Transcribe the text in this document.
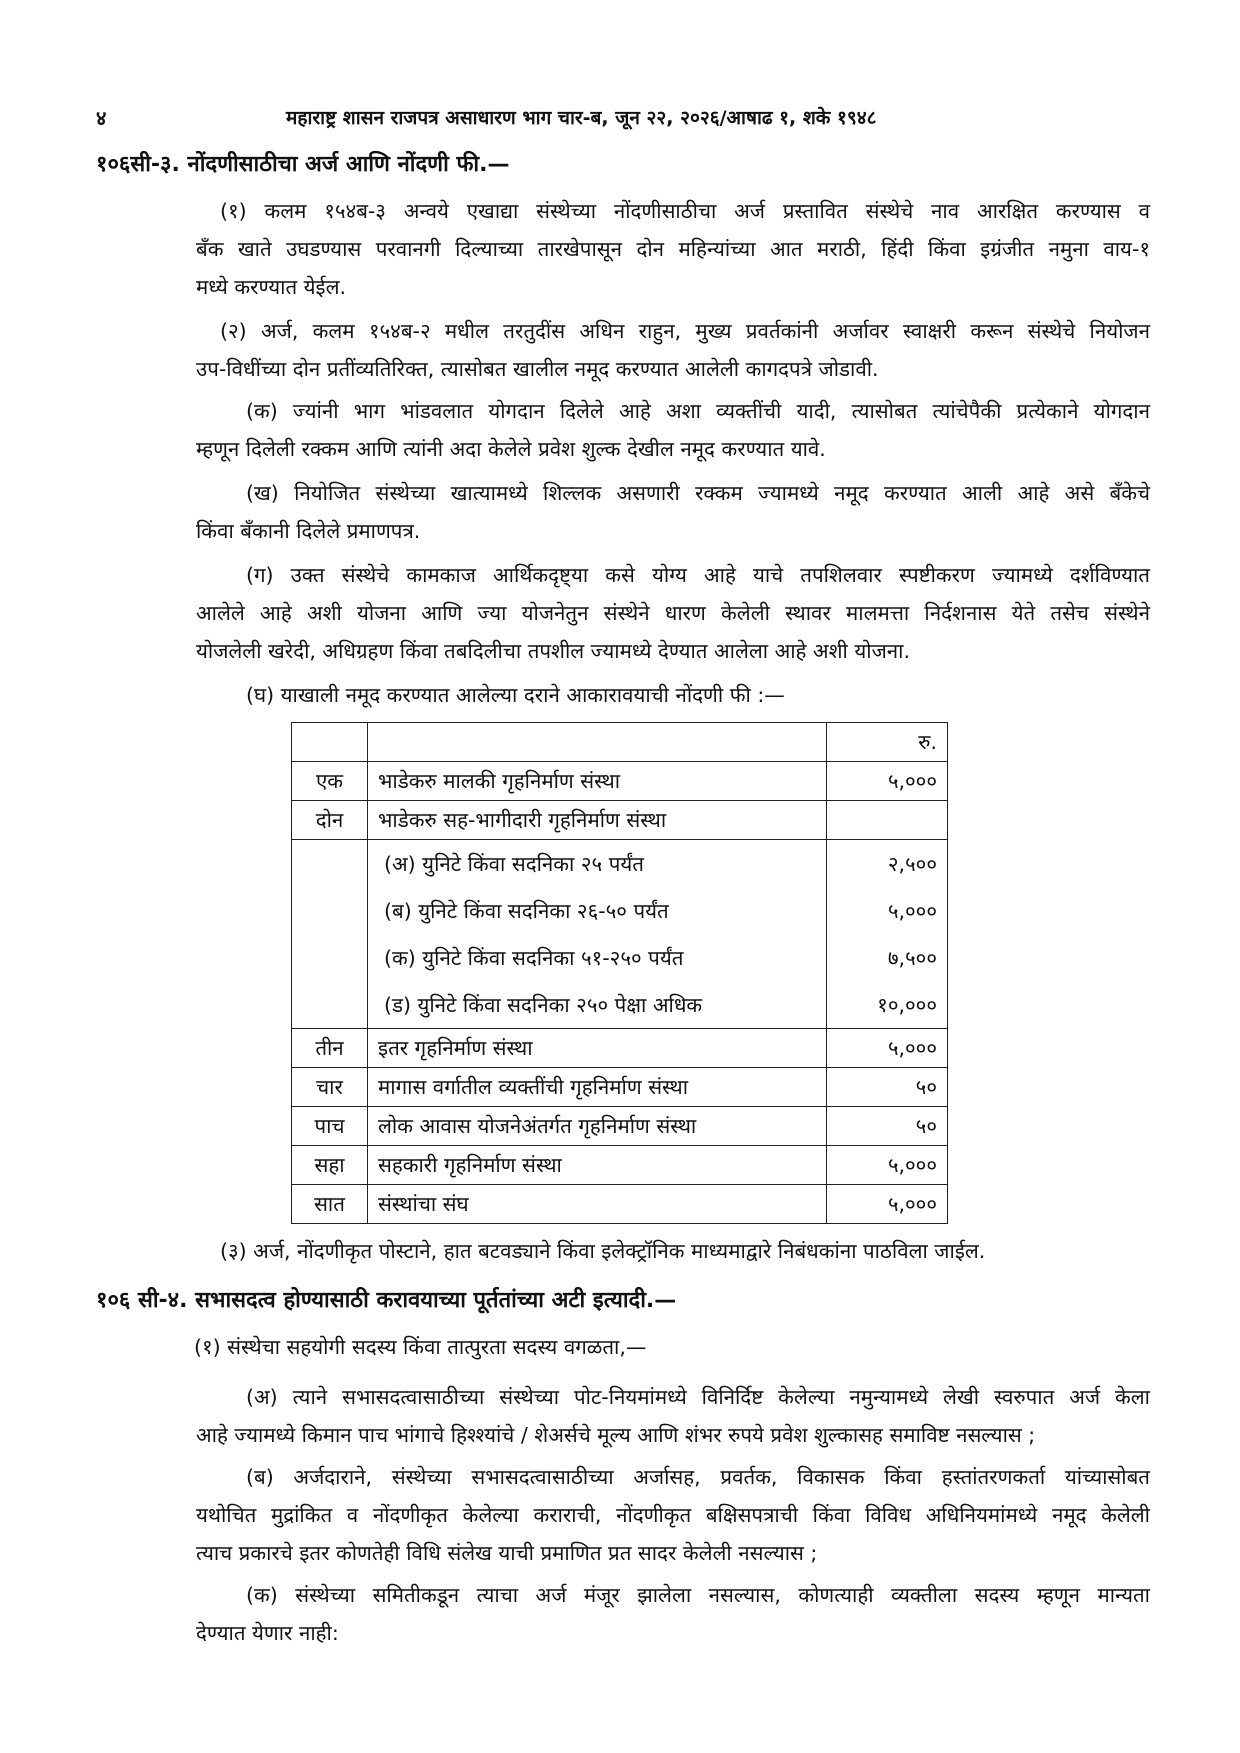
४	महाराष्ट्र शासन राजपत्र असाधारण भाग चार-ब, जून २२, २०२६/आषाढ १, शके १९४८
१०६सी-३. नोंदणीसाठीचा अर्ज आणि नोंदणी फी.—
(१) कलम १५४ब-३ अन्वये एखाद्या संस्थेच्या नोंदणीसाठीचा अर्ज प्रस्तावित संस्थेचे नाव आरक्षित करण्यास व
बँक खाते उघडण्यास परवानगी दिल्याच्या तारखेपासून दोन महिन्यांच्या आत मराठी, हिंदी किंवा इग्रंजीत नमुना वाय-१
मध्ये करण्यात येईल.
(२) अर्ज, कलम १५४ब-२ मधील तरतुदींस अधिन राहुन, मुख्य प्रवर्तकांनी अर्जावर स्वाक्षरी करून संस्थेचे नियोजन
उप-विधींच्या दोन प्रतींव्यतिरिक्त, त्यासोबत खालील नमूद करण्यात आलेली कागदपत्रे जोडावी.
(क) ज्यांनी भाग भांडवलात योगदान दिलेले आहे अशा व्यक्तींची यादी, त्यासोबत त्यांचेपैकी प्रत्येकाने योगदान
म्हणून दिलेली रक्कम आणि त्यांनी अदा केलेले प्रवेश शुल्क देखील नमूद करण्यात यावे.
(ख) नियोजित संस्थेच्या खात्यामध्ये शिल्लक असणारी रक्कम ज्यामध्ये नमूद करण्यात आली आहे असे बँकेचे
किंवा बँकानी दिलेले प्रमाणपत्र.
(ग) उक्त संस्थेचे कामकाज आर्थिकदृष्ट्या कसे योग्य आहे याचे तपशिलवार स्पष्टीकरण ज्यामध्ये दर्शविण्यात
आलेले आहे अशी योजना आणि ज्या योजनेतुन संस्थेने धारण केलेली स्थावर मालमत्ता निर्दशनास येते तसेच संस्थेने
योजलेली खरेदी, अधिग्रहण किंवा तबदिलीचा तपशील ज्यामध्ये देण्यात आलेला आहे अशी योजना.
(घ) याखाली नमूद करण्यात आलेल्या दराने आकारावयाची नोंदणी फी :—
		रु.
एक	भाडेकरु मालकी गृहनिर्माण संस्था	५,०००
दोन	भाडेकरु सह-भागीदारी गृहनिर्माण संस्था	
	(अ) युनिटे किंवा सदनिका २५ पर्यंत	२,५००
	(ब) युनिटे किंवा सदनिका २६-५० पर्यंत	५,०००
	(क) युनिटे किंवा सदनिका ५१-२५० पर्यंत	७,५००
	(ड) युनिटे किंवा सदनिका २५० पेक्षा अधिक	१०,०००
तीन	इतर गृहनिर्माण संस्था	५,०००
चार	मागास वर्गातील व्यक्तींची गृहनिर्माण संस्था	५०
पाच	लोक आवास योजनेअंतर्गत गृहनिर्माण संस्था	५०
सहा	सहकारी गृहनिर्माण संस्था	५,०००
सात	संस्थांचा संघ	५,०००
(३) अर्ज, नोंदणीकृत पोस्टाने, हात बटवड्याने किंवा इलेक्ट्रॉनिक माध्यमाद्वारे निबंधकांना पाठविला जाईल.
१०६ सी-४. सभासदत्व होण्यासाठी करावयाच्या पूर्ततांच्या अटी इत्यादी.—
(१) संस्थेचा सहयोगी सदस्य किंवा तात्पुरता सदस्य वगळता,—
(अ) त्याने सभासदत्वासाठीच्या संस्थेच्या पोट-नियमांमध्ये विनिर्दिष्ट केलेल्या नमुन्यामध्ये लेखी स्वरुपात अर्ज केला
आहे ज्यामध्ये किमान पाच भांगाचे हिश्श्यांचे / शेअर्सचे मूल्य आणि शंभर रुपये प्रवेश शुल्कासह समाविष्ट नसल्यास ;
(ब) अर्जदाराने, संस्थेच्या सभासदत्वासाठीच्या अर्जासह, प्रवर्तक, विकासक किंवा हस्तांतरणकर्ता यांच्यासोबत
यथोचित मुद्रांकित व नोंदणीकृत केलेल्या कराराची, नोंदणीकृत बक्षिसपत्राची किंवा विविध अधिनियमांमध्ये नमूद केलेली
त्याच प्रकारचे इतर कोणतेही विधि संलेख याची प्रमाणित प्रत सादर केलेली नसल्यास ;
(क) संस्थेच्या समितीकडून त्याचा अर्ज मंजूर झालेला नसल्यास, कोणत्याही व्यक्तीला सदस्य म्हणून मान्यता
देण्यात येणार नाही:
